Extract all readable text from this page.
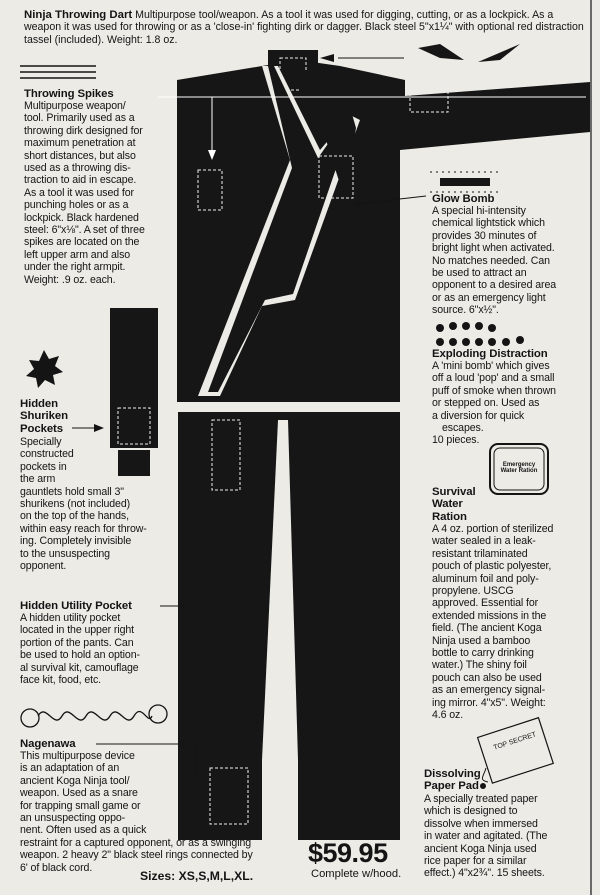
Ninja Throwing Dart Multipurpose tool/weapon. As a tool it was used for digging, cutting, or as a lockpick. As a weapon it was used for throwing or as a 'close-in' fighting dirk or dagger. Black steel 5"x1¼" with optional red distraction tassel (included). Weight: 1.8 oz.
Throwing Spikes
Multipurpose weapon/
tool. Primarily used as a
throwing dirk designed for
maximum penetration at
short distances, but also
used as a throwing dis-
traction to aid in escape.
As a tool it was used for
punching holes or as a
lockpick. Black hardened
steel: 6"x⅛". A set of three
spikes are located on the
left upper arm and also
under the right armpit.
Weight: .9 oz. each.
Hidden
Shuriken
Pockets
Specially
constructed
pockets in
the arm
gauntlets hold small 3"
shurikens (not included)
on the top of the hands,
within easy reach for throw-
ing. Completely invisible
to the unsuspecting
opponent.
Hidden Utility Pocket
A hidden utility pocket
located in the upper right
portion of the pants. Can
be used to hold an option-
al survival kit, camouflage
face kit, food, etc.
Nagenawa
This multipurpose device
is an adaptation of an
ancient Koga Ninja tool/
weapon. Used as a snare
for trapping small game or
an unsuspecting oppo-
nent. Often used as a quick
restraint for a captured opponent, or as a swinging
weapon. 2 heavy 2" black steel rings connected by
6' of black cord.
Glow Bomb
A special hi-intensity
chemical lightstick which
provides 30 minutes of
bright light when activated.
No matches needed. Can
be used to attract an
opponent to a desired area
or as an emergency light
source. 6"x½".
Exploding Distraction
A 'mini bomb' which gives
off a loud 'pop' and a small
puff of smoke when thrown
or stepped on. Used as
a diversion for quick
escapes.
10 pieces.
Emergency
Water Ration
Survival
Water
Ration
A 4 oz. portion of sterilized
water sealed in a leak-
resistant trilaminated
pouch of plastic polyester,
aluminum foil and poly-
propylene. USCG
approved. Essential for
extended missions in the
field. (The ancient Koga
Ninja used a bamboo
bottle to carry drinking
water.) The shiny foil
pouch can also be used
as an emergency signal-
ing mirror. 4"x5". Weight:
4.6 oz.
TOP SECRET
Dissolving
Paper Pad
A specially treated paper
which is designed to
dissolve when immersed
in water and agitated. (The
ancient Koga Ninja used
rice paper for a similar
effect.) 4"x2¾". 15 sheets.
Sizes: XS,S,M,L,XL.
$59.95
Complete w/hood.
